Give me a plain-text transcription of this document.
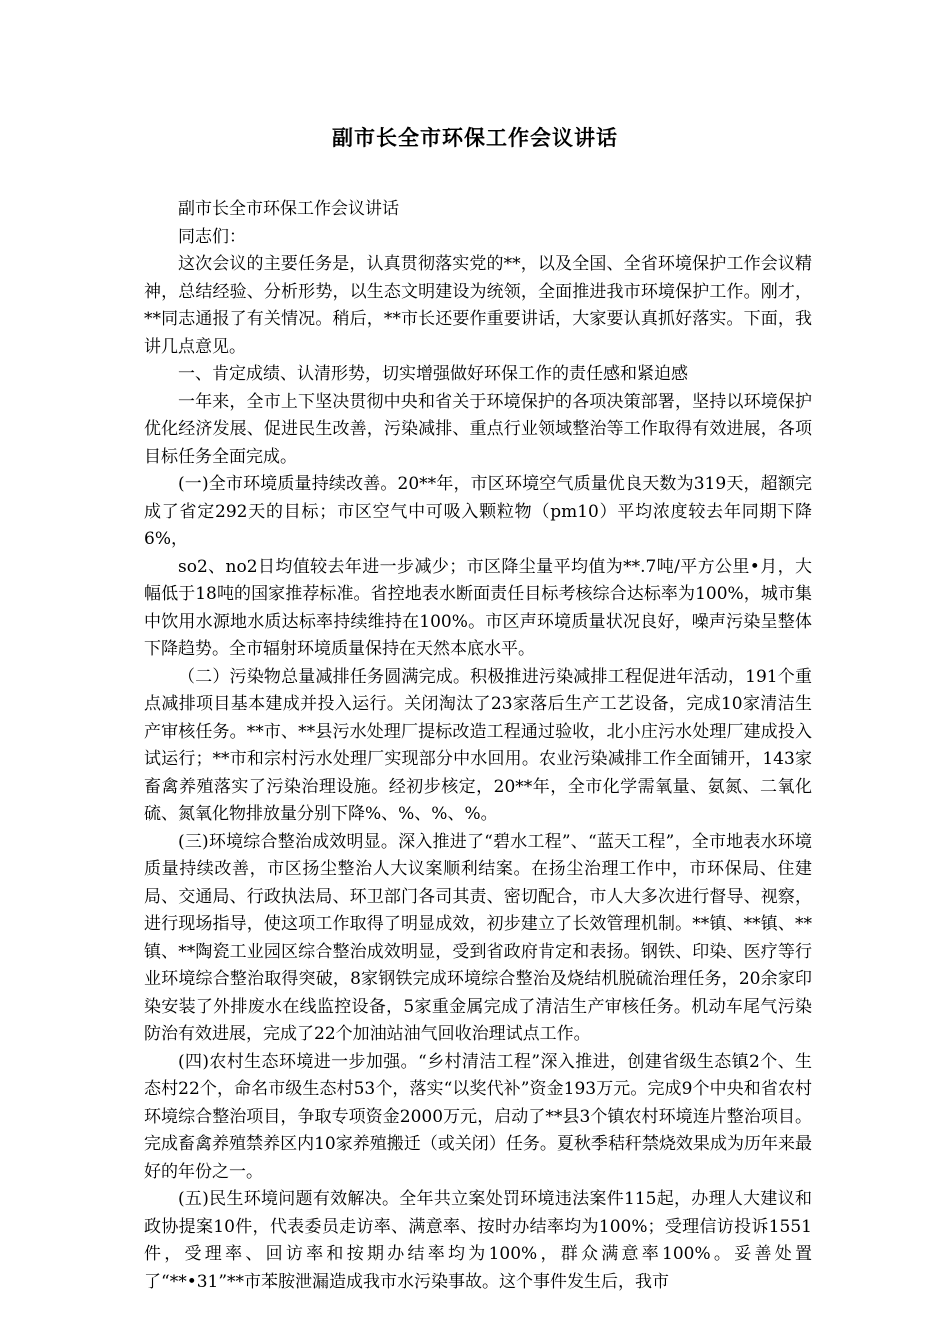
副市长全市环保工作会议讲话

副市长全市环保工作会议讲话

同志们：

这次会议的主要任务是，认真贯彻落实党的**，以及全国、全省环境保护工作会议精神，总结经验、分析形势，以生态文明建设为统领，全面推进我市环境保护工作。刚才，**同志通报了有关情况。稍后，**市长还要作重要讲话，大家要认真抓好落实。下面，我讲几点意见。

一、肯定成绩、认清形势，切实增强做好环保工作的责任感和紧迫感

一年来，全市上下坚决贯彻中央和省关于环境保护的各项决策部署，坚持以环境保护优化经济发展、促进民生改善，污染减排、重点行业领域整治等工作取得有效进展，各项目标任务全面完成。

(一)全市环境质量持续改善。20**年，市区环境空气质量优良天数为319天，超额完成了省定292天的目标；市区空气中可吸入颗粒物（pm10）平均浓度较去年同期下降6%，

so2、no2日均值较去年进一步减少；市区降尘量平均值为**.7吨/平方公里•月，大幅低于18吨的国家推荐标准。省控地表水断面责任目标考核综合达标率为100%，城市集中饮用水源地水质达标率持续维持在100%。市区声环境质量状况良好，噪声污染呈整体下降趋势。全市辐射环境质量保持在天然本底水平。

（二）污染物总量减排任务圆满完成。积极推进污染减排工程促进年活动，191个重点减排项目基本建成并投入运行。关闭淘汰了23家落后生产工艺设备，完成10家清洁生产审核任务。**市、**县污水处理厂提标改造工程通过验收，北小庄污水处理厂建成投入试运行；**市和宗村污水处理厂实现部分中水回用。农业污染减排工作全面铺开，143家畜禽养殖落实了污染治理设施。经初步核定，20**年，全市化学需氧量、氨氮、二氧化硫、氮氧化物排放量分别下降%、%、%、%。

(三)环境综合整治成效明显。深入推进了“碧水工程”、“蓝天工程”，全市地表水环境质量持续改善，市区扬尘整治人大议案顺利结案。在扬尘治理工作中，市环保局、住建局、交通局、行政执法局、环卫部门各司其责、密切配合，市人大多次进行督导、视察，进行现场指导，使这项工作取得了明显成效，初步建立了长效管理机制。**镇、**镇、**镇、**陶瓷工业园区综合整治成效明显，受到省政府肯定和表扬。钢铁、印染、医疗等行业环境综合整治取得突破，8家钢铁完成环境综合整治及烧结机脱硫治理任务，20余家印染安装了外排废水在线监控设备，5家重金属完成了清洁生产审核任务。机动车尾气污染防治有效进展，完成了22个加油站油气回收治理试点工作。

(四)农村生态环境进一步加强。“乡村清洁工程”深入推进，创建省级生态镇2个、生态村22个，命名市级生态村53个，落实“以奖代补”资金193万元。完成9个中央和省农村环境综合整治项目，争取专项资金2000万元，启动了**县3个镇农村环境连片整治项目。完成畜禽养殖禁养区内10家养殖搬迁（或关闭）任务。夏秋季秸秆禁烧效果成为历年来最好的年份之一。

(五)民生环境问题有效解决。全年共立案处罚环境违法案件115起，办理人大建议和政协提案10件，代表委员走访率、满意率、按时办结率均为100%；受理信访投诉1551件，受理率、回访率和按期办结率均为100%，群众满意率100%。妥善处置了“**•31”**市苯胺泄漏造成我市水污染事故。这个事件发生后，我市
